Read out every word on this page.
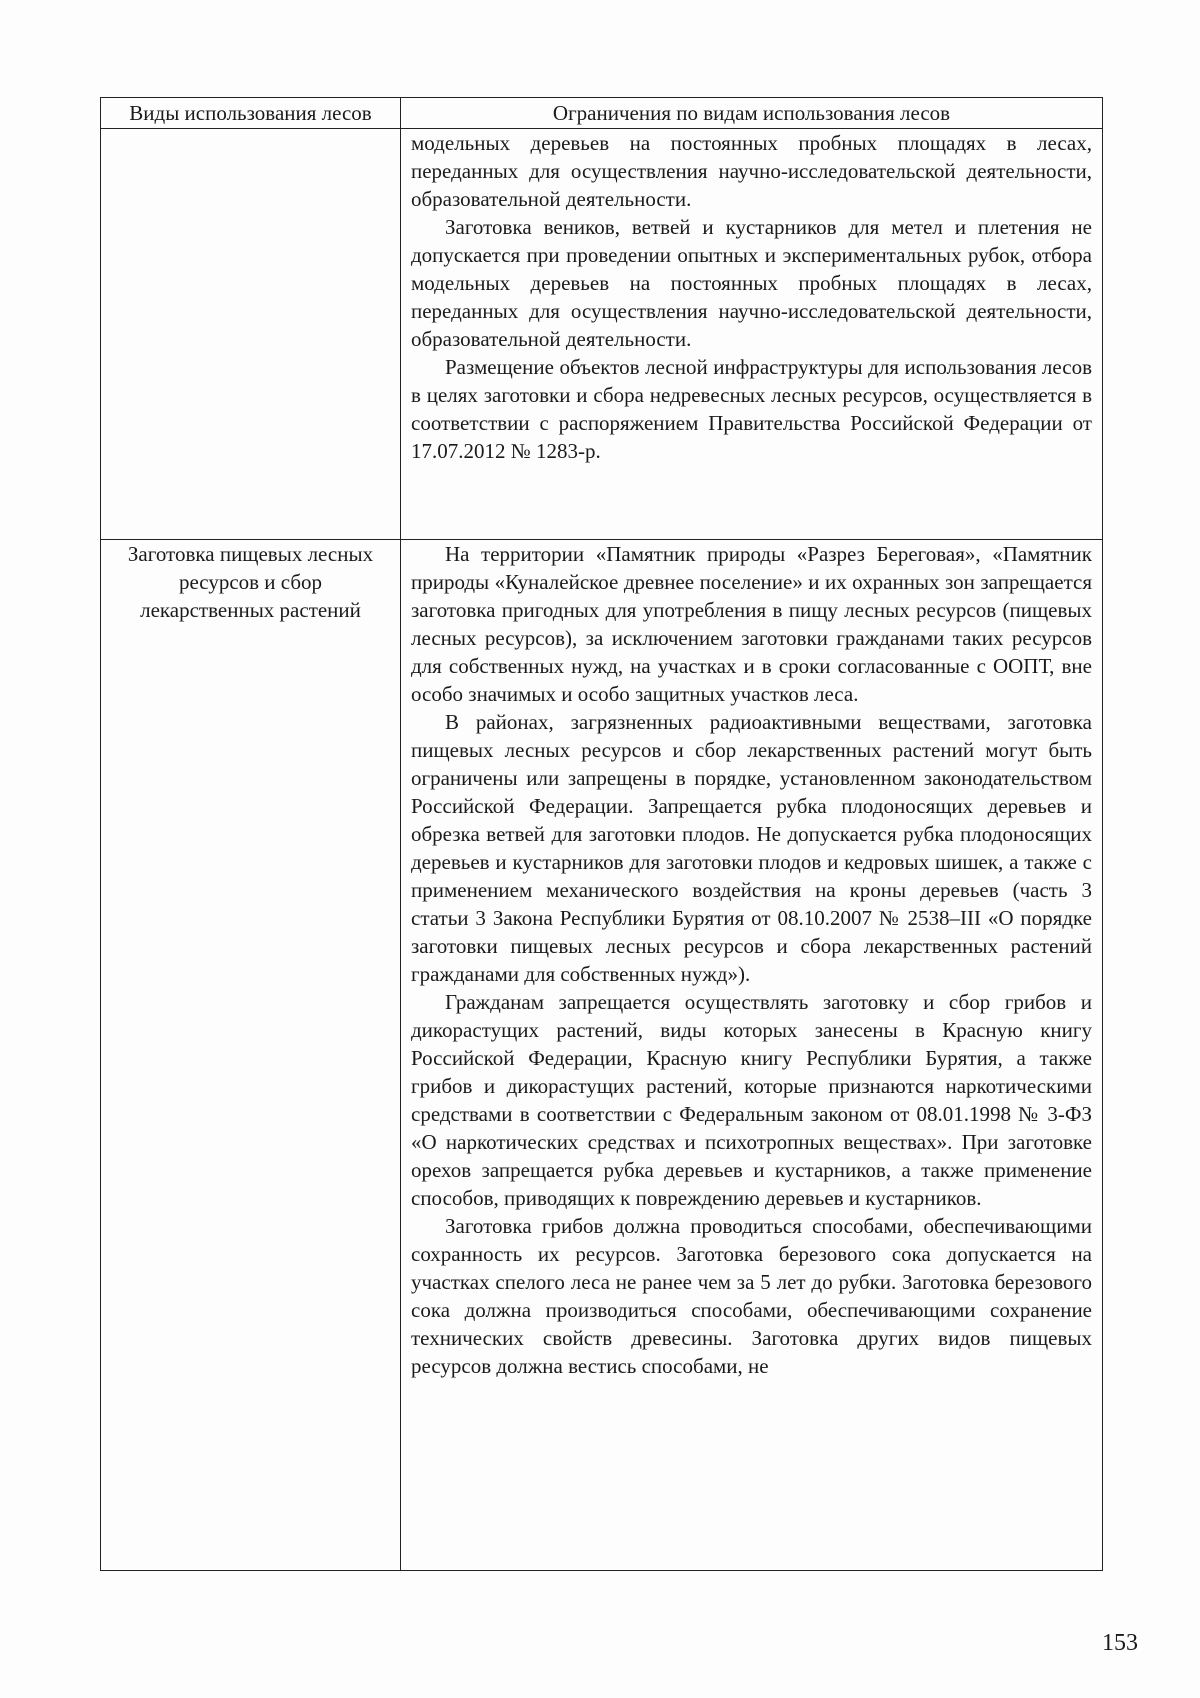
Виды использования лесов	Ограничения по видам использования лесов

	модельных деревьев на постоянных пробных площадях в лесах, переданных для осуществления научно-исследовательской деятельности, образовательной деятельности.

Заготовка веников, ветвей и кустарников для метел и плетения не допускается при проведении опытных и экспериментальных рубок, отбора модельных деревьев на постоянных пробных площадях в лесах, переданных для осуществления научно-исследовательской деятельности, образовательной деятельности.

Размещение объектов лесной инфраструктуры для использования лесов в целях заготовки и сбора недревесных лесных ресурсов, осуществляется в соответствии с распоряжением Правительства Российской Федерации от 17.07.2012 № 1283-р.

Заготовка пищевых лесных ресурсов и сбор лекарственных растений	На территории «Памятник природы «Разрез Береговая», «Памятник природы «Куналейское древнее поселение» и их охранных зон запрещается заготовка пригодных для употребления в пищу лесных ресурсов (пищевых лесных ресурсов), за исключением заготовки гражданами таких ресурсов для собственных нужд, на участках и в сроки согласованные с ООПТ, вне особо значимых и особо защитных участков леса.

В районах, загрязненных радиоактивными веществами, заготовка пищевых лесных ресурсов и сбор лекарственных растений могут быть ограничены или запрещены в порядке, установленном законодательством Российской Федерации. Запрещается рубка плодоносящих деревьев и обрезка ветвей для заготовки плодов. Не допускается рубка плодоносящих деревьев и кустарников для заготовки плодов и кедровых шишек, а также с применением механического воздействия на кроны деревьев (часть 3 статьи 3 Закона Республики Бурятия от 08.10.2007 № 2538–III «О порядке заготовки пищевых лесных ресурсов и сбора лекарственных растений гражданами для собственных нужд»).

Гражданам запрещается осуществлять заготовку и сбор грибов и дикорастущих растений, виды которых занесены в Красную книгу Российской Федерации, Красную книгу Республики Бурятия, а также грибов и дикорастущих растений, которые признаются наркотическими средствами в соответствии с Федеральным законом от 08.01.1998 № 3-ФЗ «О наркотических средствах и психотропных веществах». При заготовке орехов запрещается рубка деревьев и кустарников, а также применение способов, приводящих к повреждению деревьев и кустарников.

Заготовка грибов должна проводиться способами, обеспечивающими сохранность их ресурсов. Заготовка березового сока допускается на участках спелого леса не ранее чем за 5 лет до рубки. Заготовка березового сока должна производиться способами, обеспечивающими сохранение технических свойств древесины. Заготовка других видов пищевых ресурсов должна вестись способами, не

153
